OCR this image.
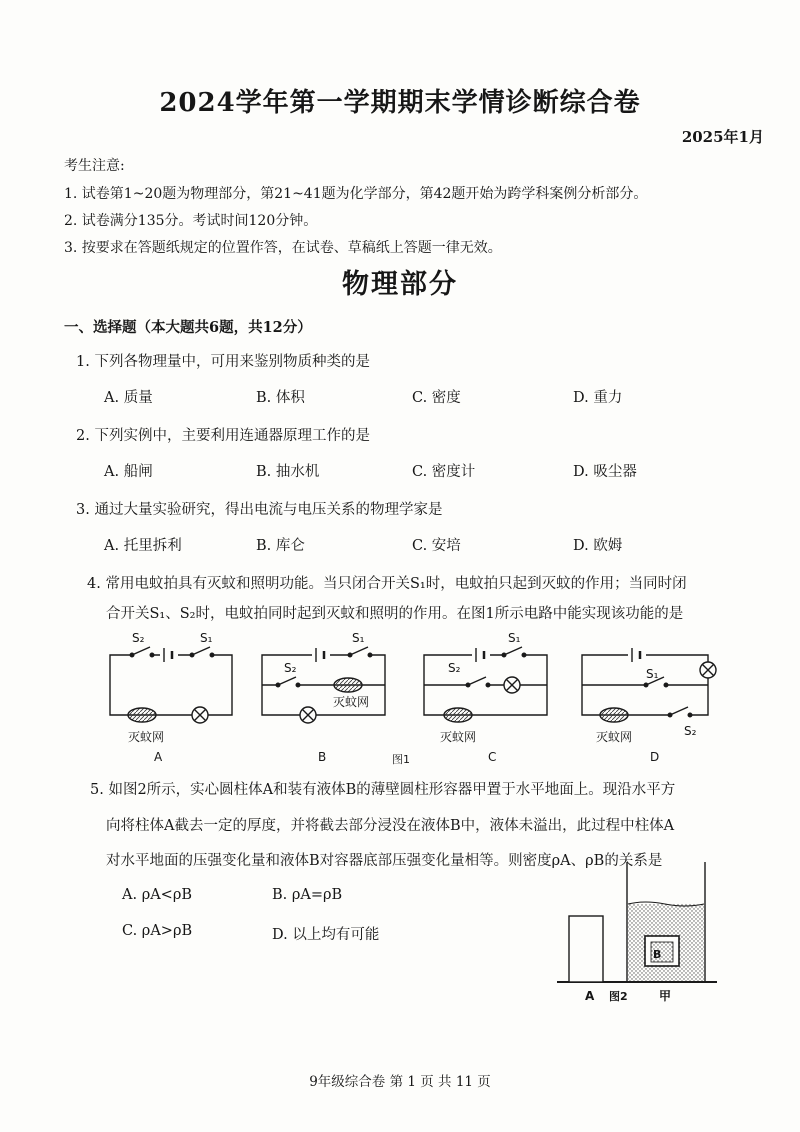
2024学年第一学期期末学情诊断综合卷
2025年1月
考生注意:
1. 试卷第1~20题为物理部分，第21~41题为化学部分，第42题开始为跨学科案例分析部分。
2. 试卷满分135分。考试时间120分钟。
3. 按要求在答题纸规定的位置作答，在试卷、草稿纸上答题一律无效。
物理部分
一、选择题（本大题共6题，共12分）
1. 下列各物理量中，可用来鉴别物质种类的是
A. 质量	B. 体积	C. 密度	D. 重力
2. 下列实例中，主要利用连通器原理工作的是
A. 船闸	B. 抽水机	C. 密度计	D. 吸尘器
3. 通过大量实验研究，得出电流与电压关系的物理学家是
A. 托里拆利	B. 库仑	C. 安培	D. 欧姆
4. 常用电蚊拍具有灭蚊和照明功能。当只闭合开关S₁时，电蚊拍只起到灭蚊的作用；当同时闭
合开关S₁、S₂时，电蚊拍同时起到灭蚊和照明的作用。在图1所示电路中能实现该功能的是
S₂	S₁
灭蚊网
A
S₁
S₂
灭蚊网
B
S₁
S₂
灭蚊网
C
S₁
灭蚊网	S₂
D
图1
5. 如图2所示，实心圆柱体A和装有液体B的薄壁圆柱形容器甲置于水平地面上。现沿水平方
向将柱体A截去一定的厚度，并将截去部分浸没在液体B中，液体未溢出，此过程中柱体A
对水平地面的压强变化量和液体B对容器底部压强变化量相等。则密度ρA、ρB的关系是
A. ρA<ρB	B. ρA=ρB
C. ρA>ρB	D. 以上均有可能
B
A 图2	甲
9年级综合卷 第 1 页 共 11 页
